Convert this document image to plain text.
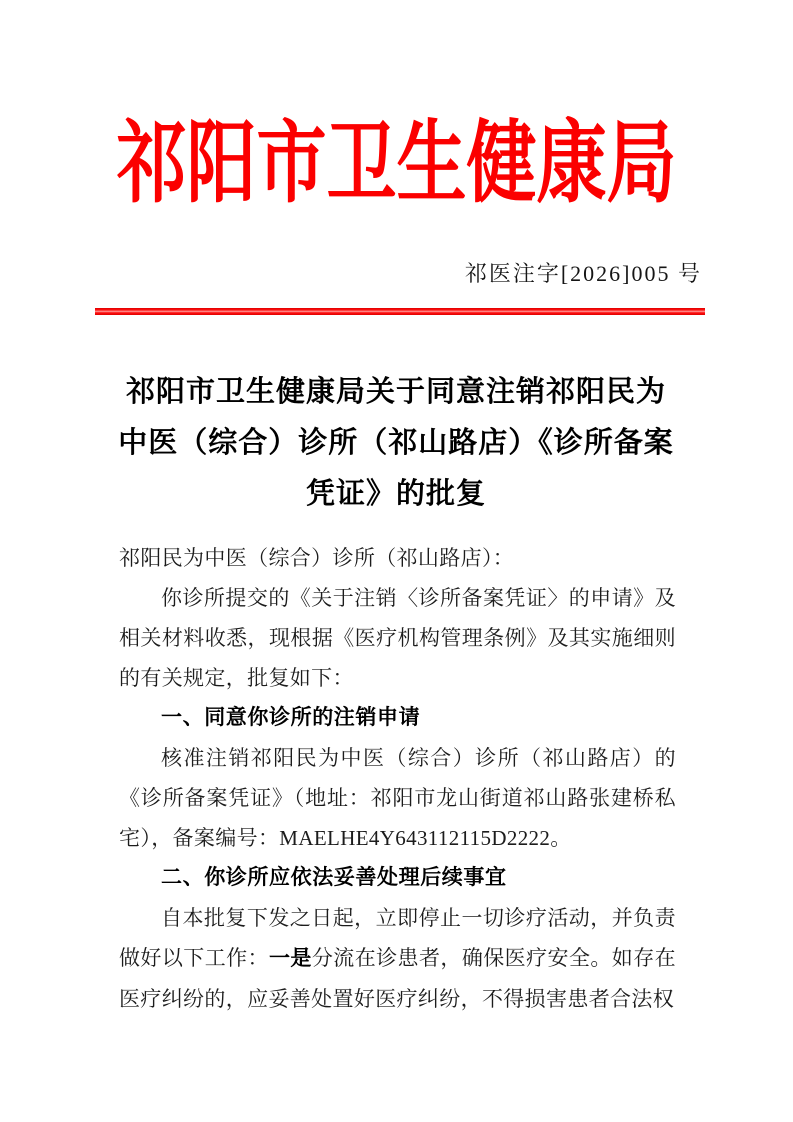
祁阳市卫生健康局
祁医注字[2026]005 号
祁阳市卫生健康局关于同意注销祁阳民为
中医（综合）诊所（祁山路店）《诊所备案
凭证》的批复

祁阳民为中医（综合）诊所（祁山路店）：

你诊所提交的《关于注销〈诊所备案凭证〉的申请》及相关材料收悉，现根据《医疗机构管理条例》及其实施细则的有关规定，批复如下：

一、同意你诊所的注销申请

核准注销祁阳民为中医（综合）诊所（祁山路店）的《诊所备案凭证》（地址：祁阳市龙山街道祁山路张建桥私宅），备案编号：MAELHE4Y643112115D2222。

二、你诊所应依法妥善处理后续事宜

自本批复下发之日起，立即停止一切诊疗活动，并负责做好以下工作：一是分流在诊患者，确保医疗安全。如存在医疗纠纷的，应妥善处置好医疗纠纷，不得损害患者合法权
